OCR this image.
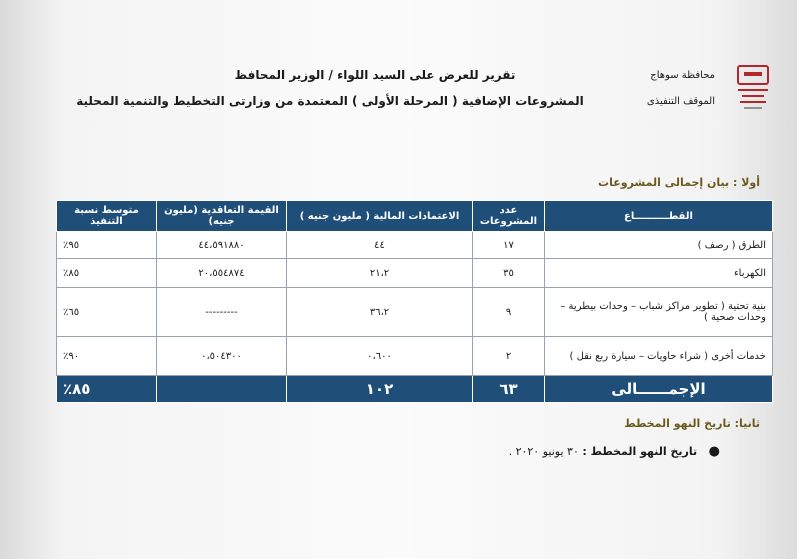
تقرير للعرض على السيد اللواء / الوزير المحافظ
المشروعات الإضافية ( المرحلة الأولى ) المعتمدة من وزارتى التخطيط والتنمية المحلية
محافظة سوهاج
الموقف التنفيذى
أولا : بيان إجمالى المشروعات
القطــــــــــاع	عدد المشروعات	الاعتمادات المالية ( مليون جنيه )	القيمة التعاقدية (مليون جنيه)	متوسط نسبة التنفيذ
الطرق ( رصف )	١٧	٤٤	٤٤،٥٩١٨٨٠	٩٥٪
الكهرباء	٣٥	٢١،٢	٢٠،٥٥٤٨٧٤	٨٥٪
بنية تحتية ( تطوير مراكز شباب – وحدات بيطرية – وحدات صحية )	٩	٣٦،٢	---------	٦٥٪
خدمات أخرى ( شراء حاويات – سيارة ربع نقل )	٢	٠،٦٠٠	٠،٥٠٤٣٠٠	٩٠٪
الإجمــــــالى	٦٣	١٠٢		٨٥٪
ثانيا: تاريخ النهو المخطط
● تاريخ النهو المخطط : ٣٠ يونيو ٢٠٢٠ .
